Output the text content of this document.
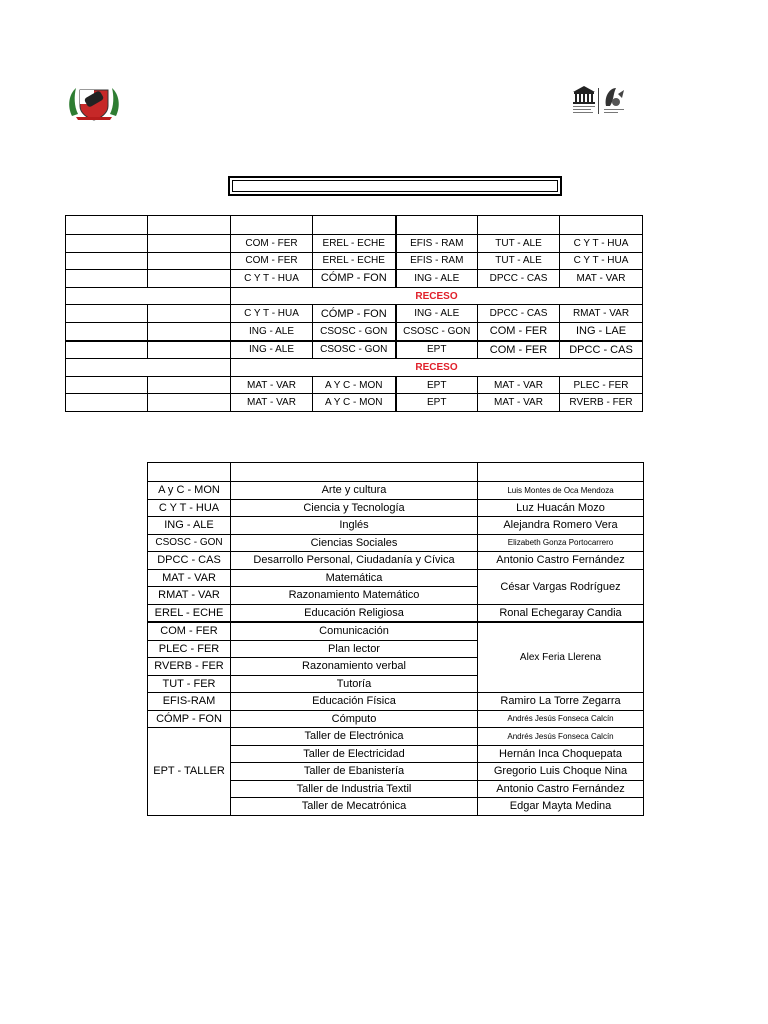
		COM - FER	EREL - ECHE	EFIS - RAM	TUT - ALE	C Y T - HUA
		COM - FER	EREL - ECHE	EFIS - RAM	TUT - ALE	C Y T - HUA
		C Y T - HUA	CÓMP - FON	ING - ALE	DPCC - CAS	MAT - VAR
		RECESO				
		C Y T - HUA	CÓMP - FON	ING - ALE	DPCC - CAS	RMAT - VAR
		ING - ALE	CSOSC - GON	CSOSC - GON	COM - FER	ING - LAE
		ING - ALE	CSOSC - GON	EPT	COM - FER	DPCC - CAS
		RECESO				
		MAT - VAR	A Y C - MON	EPT	MAT - VAR	PLEC - FER
		MAT - VAR	A Y C - MON	EPT	MAT - VAR	RVERB - FER

A y C - MON	Arte y cultura	Luis Montes de Oca Mendoza
C Y T - HUA	Ciencia y Tecnología	Luz Huacán Mozo
ING - ALE	Inglés	Alejandra Romero Vera
CSOSC - GON	Ciencias Sociales	Elizabeth Gonza Portocarrero
DPCC - CAS	Desarrollo Personal, Ciudadanía y Cívica	Antonio Castro Fernández
MAT - VAR	Matemática	César Vargas Rodríguez
RMAT - VAR	Razonamiento Matemático	
EREL - ECHE	Educación Religiosa	Ronal Echegaray Candia
COM - FER	Comunicación	Alex Feria Llerena
PLEC - FER	Plan lector	
RVERB - FER	Razonamiento verbal	
TUT - FER	Tutoría	
EFIS-RAM	Educación Física	Ramiro La Torre Zegarra
CÓMP - FON	Cómputo	Andrés Jesús Fonseca Calcín
EPT - TALLER	Taller de Electrónica	Andrés Jesús Fonseca Calcín
	Taller de Electricidad	Hernán Inca Choquepata
	Taller de Ebanistería	Gregorio Luis Choque Nina
	Taller de Industria Textil	Antonio Castro Fernández
	Taller de Mecatrónica	Edgar Mayta Medina
